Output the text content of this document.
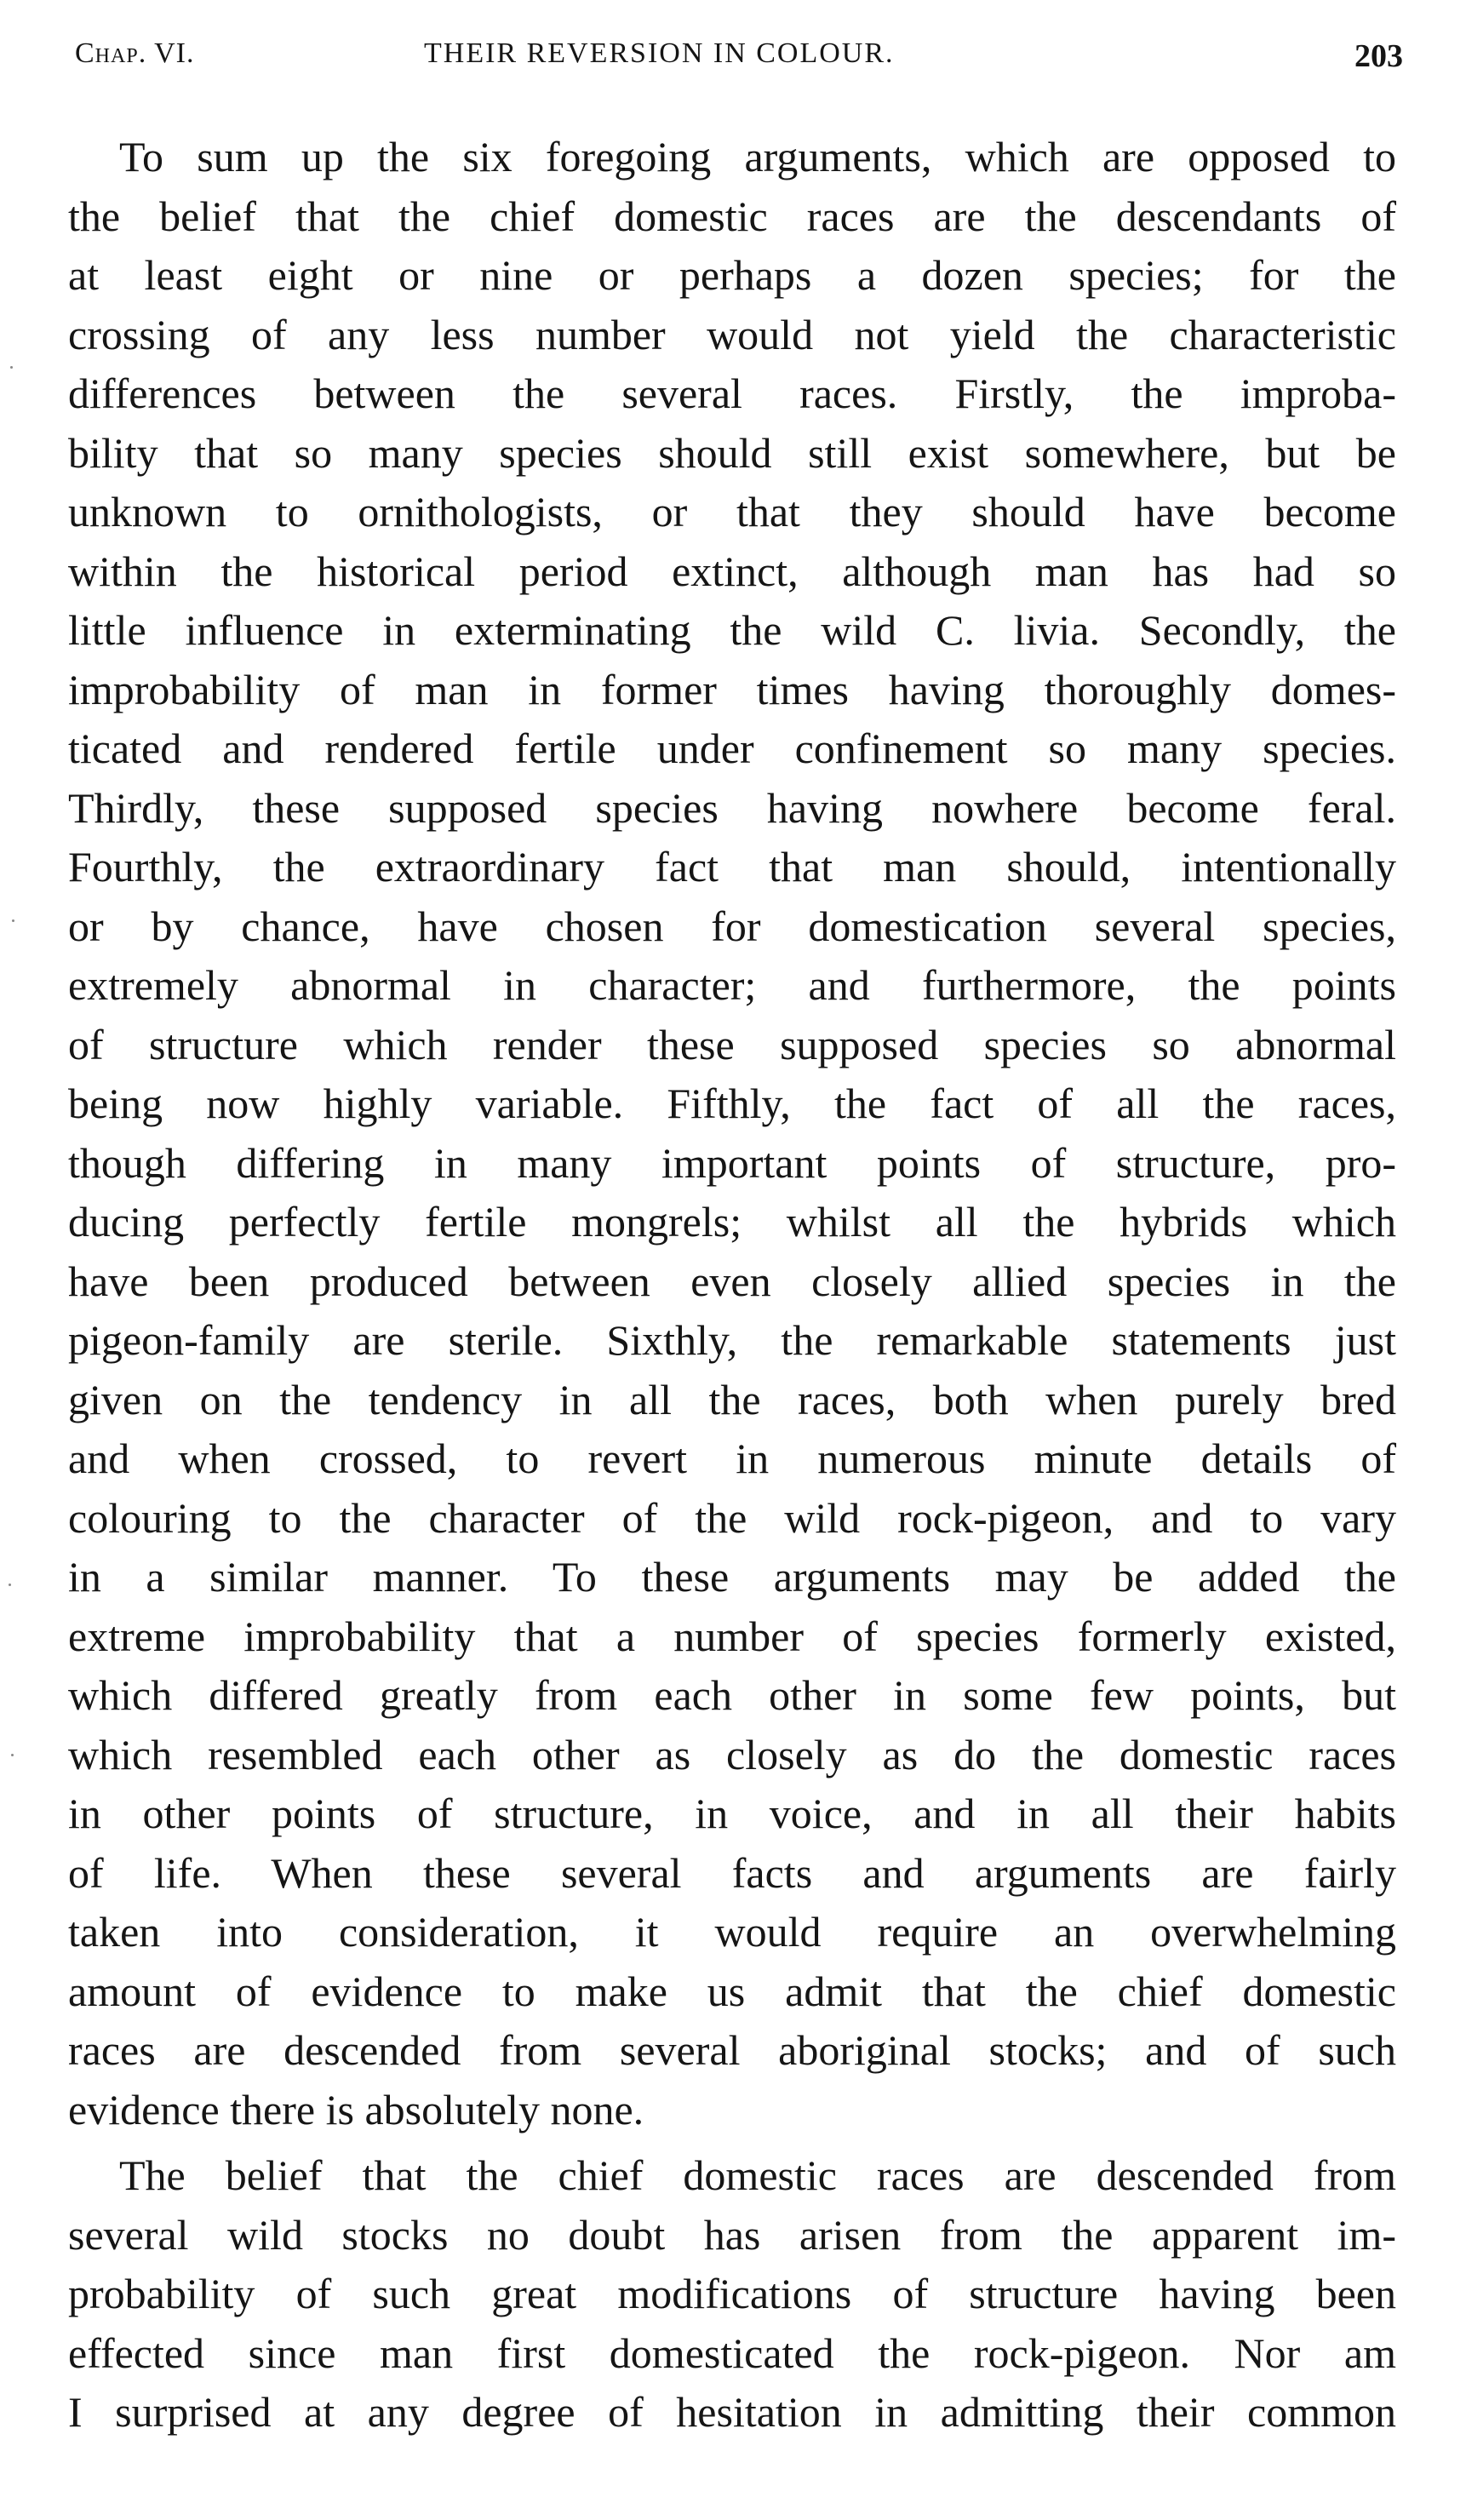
Chap. VI.	THEIR REVERSION IN COLOUR.	203
To sum up the six foregoing arguments, which are opposed to
the belief that the chief domestic races are the descendants of
at least eight or nine or perhaps a dozen species; for the
crossing of any less number would not yield the characteristic
differences between the several races. Firstly, the improba-
bility that so many species should still exist somewhere, but be
unknown to ornithologists, or that they should have become
within the historical period extinct, although man has had so
little influence in exterminating the wild C. livia. Secondly, the
improbability of man in former times having thoroughly domes-
ticated and rendered fertile under confinement so many species.
Thirdly, these supposed species having nowhere become feral.
Fourthly, the extraordinary fact that man should, intentionally
or by chance, have chosen for domestication several species,
extremely abnormal in character; and furthermore, the points
of structure which render these supposed species so abnormal
being now highly variable. Fifthly, the fact of all the races,
though differing in many important points of structure, pro-
ducing perfectly fertile mongrels; whilst all the hybrids which
have been produced between even closely allied species in the
pigeon-family are sterile. Sixthly, the remarkable statements just
given on the tendency in all the races, both when purely bred
and when crossed, to revert in numerous minute details of
colouring to the character of the wild rock-pigeon, and to vary
in a similar manner. To these arguments may be added the
extreme improbability that a number of species formerly existed,
which differed greatly from each other in some few points, but
which resembled each other as closely as do the domestic races
in other points of structure, in voice, and in all their habits
of life. When these several facts and arguments are fairly
taken into consideration, it would require an overwhelming
amount of evidence to make us admit that the chief domestic
races are descended from several aboriginal stocks; and of such
evidence there is absolutely none.
The belief that the chief domestic races are descended from
several wild stocks no doubt has arisen from the apparent im-
probability of such great modifications of structure having been
effected since man first domesticated the rock-pigeon. Nor am
I surprised at any degree of hesitation in admitting their common
